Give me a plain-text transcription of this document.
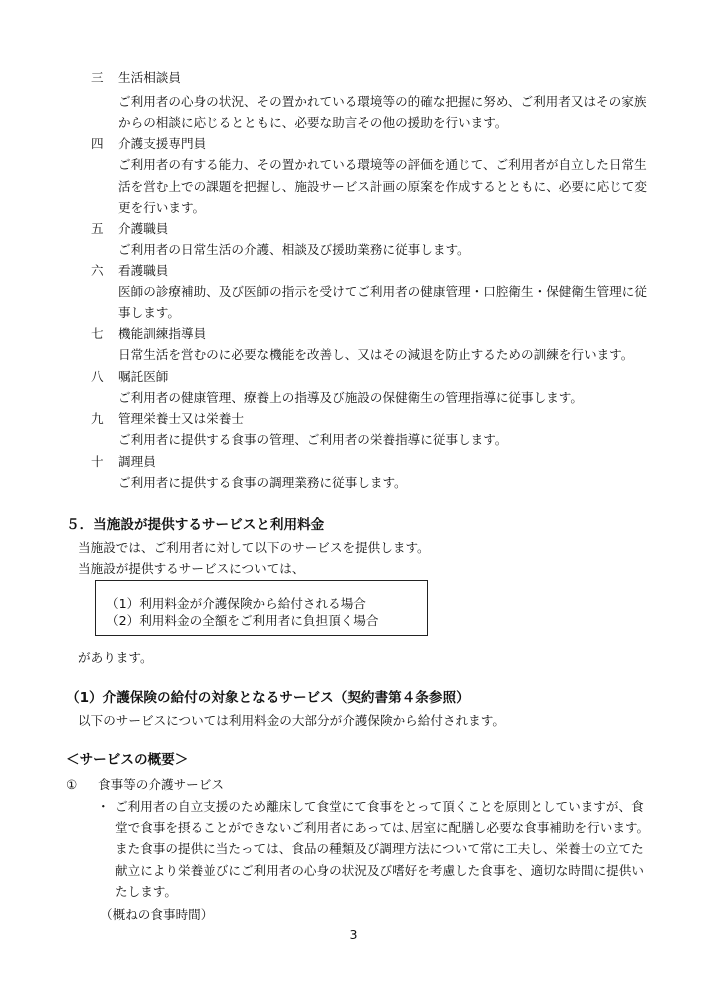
三 生活相談員
ご利用者の心身の状況、その置かれている環境等の的確な把握に努め、ご利用者又はその家族
からの相談に応じるとともに、必要な助言その他の援助を行います。
四 介護支援専門員
ご利用者の有する能力、その置かれている環境等の評価を通じて、ご利用者が自立した日常生
活を営む上での課題を把握し、施設サービス計画の原案を作成するとともに、必要に応じて変
更を行います。
五 介護職員
ご利用者の日常生活の介護、相談及び援助業務に従事します。
六 看護職員
医師の診療補助、及び医師の指示を受けてご利用者の健康管理・口腔衛生・保健衛生管理に従
事します。
七 機能訓練指導員
日常生活を営むのに必要な機能を改善し、又はその減退を防止するための訓練を行います。
八 嘱託医師
ご利用者の健康管理、療養上の指導及び施設の保健衛生の管理指導に従事します。
九 管理栄養士又は栄養士
ご利用者に提供する食事の管理、ご利用者の栄養指導に従事します。
十 調理員
ご利用者に提供する食事の調理業務に従事します。
５．当施設が提供するサービスと利用料金
当施設では、ご利用者に対して以下のサービスを提供します。
当施設が提供するサービスについては、
（1）利用料金が介護保険から給付される場合
（2）利用料金の全額をご利用者に負担頂く場合
があります。
（1）介護保険の給付の対象となるサービス（契約書第４条参照）
以下のサービスについては利用料金の大部分が介護保険から給付されます。
＜サービスの概要＞
① 食事等の介護サービス
・ ご利用者の自立支援のため離床して食堂にて食事をとって頂くことを原則としていますが、食
堂で食事を摂ることができないご利用者にあっては､居室に配膳し必要な食事補助を行います。
また食事の提供に当たっては、食品の種類及び調理方法について常に工夫し、栄養士の立てた
献立により栄養並びにご利用者の心身の状況及び嗜好を考慮した食事を、適切な時間に提供い
たします。
（概ねの食事時間）
3
